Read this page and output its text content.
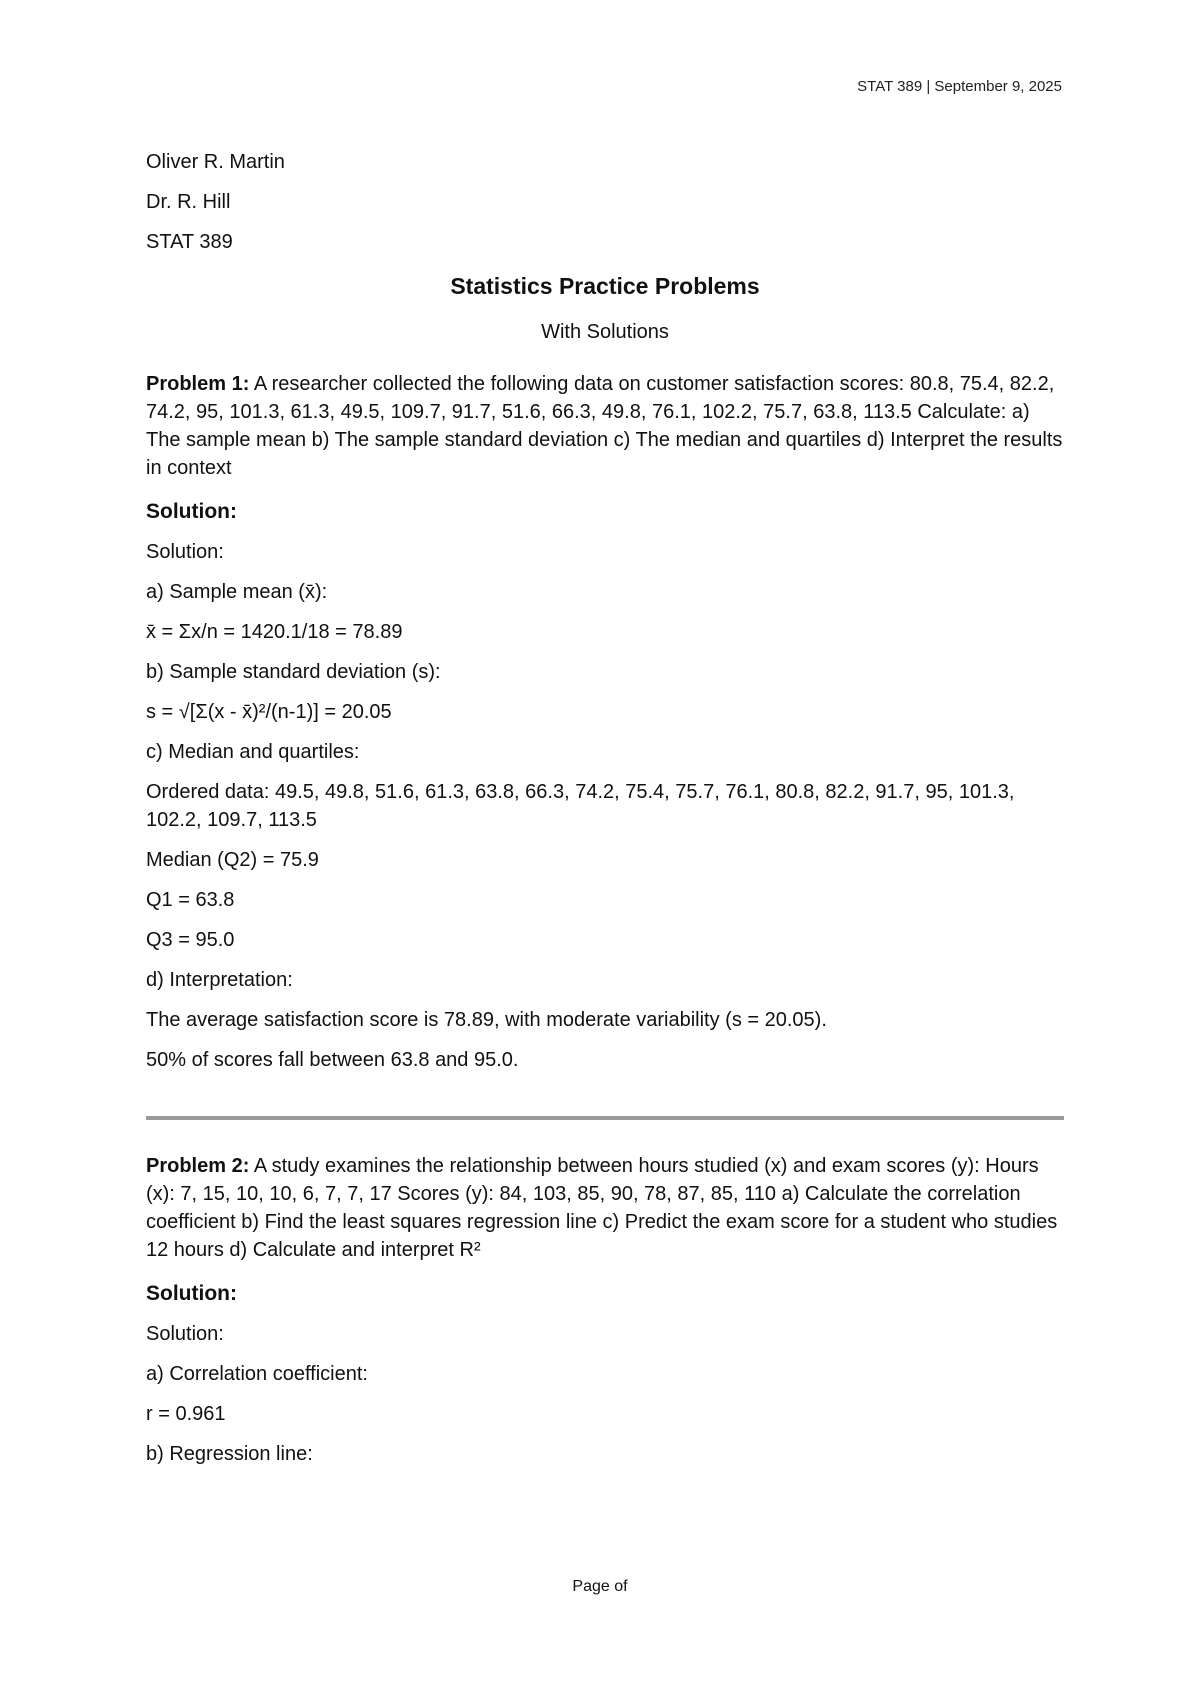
STAT 389 | September 9, 2025
Oliver R. Martin
Dr. R. Hill
STAT 389
Statistics Practice Problems
With Solutions
Problem 1: A researcher collected the following data on customer satisfaction scores: 80.8, 75.4, 82.2, 74.2, 95, 101.3, 61.3, 49.5, 109.7, 91.7, 51.6, 66.3, 49.8, 76.1, 102.2, 75.7, 63.8, 113.5 Calculate: a) The sample mean b) The sample standard deviation c) The median and quartiles d) Interpret the results in context
Solution:
Solution:
a) Sample mean (x̄):
x̄ = Σx/n = 1420.1/18 = 78.89
b) Sample standard deviation (s):
s = √[Σ(x - x̄)²/(n-1)] = 20.05
c) Median and quartiles:
Ordered data: 49.5, 49.8, 51.6, 61.3, 63.8, 66.3, 74.2, 75.4, 75.7, 76.1, 80.8, 82.2, 91.7, 95, 101.3, 102.2, 109.7, 113.5
Median (Q2) = 75.9
Q1 = 63.8
Q3 = 95.0
d) Interpretation:
The average satisfaction score is 78.89, with moderate variability (s = 20.05).
50% of scores fall between 63.8 and 95.0.
Problem 2: A study examines the relationship between hours studied (x) and exam scores (y): Hours (x): 7, 15, 10, 10, 6, 7, 7, 17 Scores (y): 84, 103, 85, 90, 78, 87, 85, 110 a) Calculate the correlation coefficient b) Find the least squares regression line c) Predict the exam score for a student who studies 12 hours d) Calculate and interpret R²
Solution:
Solution:
a) Correlation coefficient:
r = 0.961
b) Regression line:
Page of
